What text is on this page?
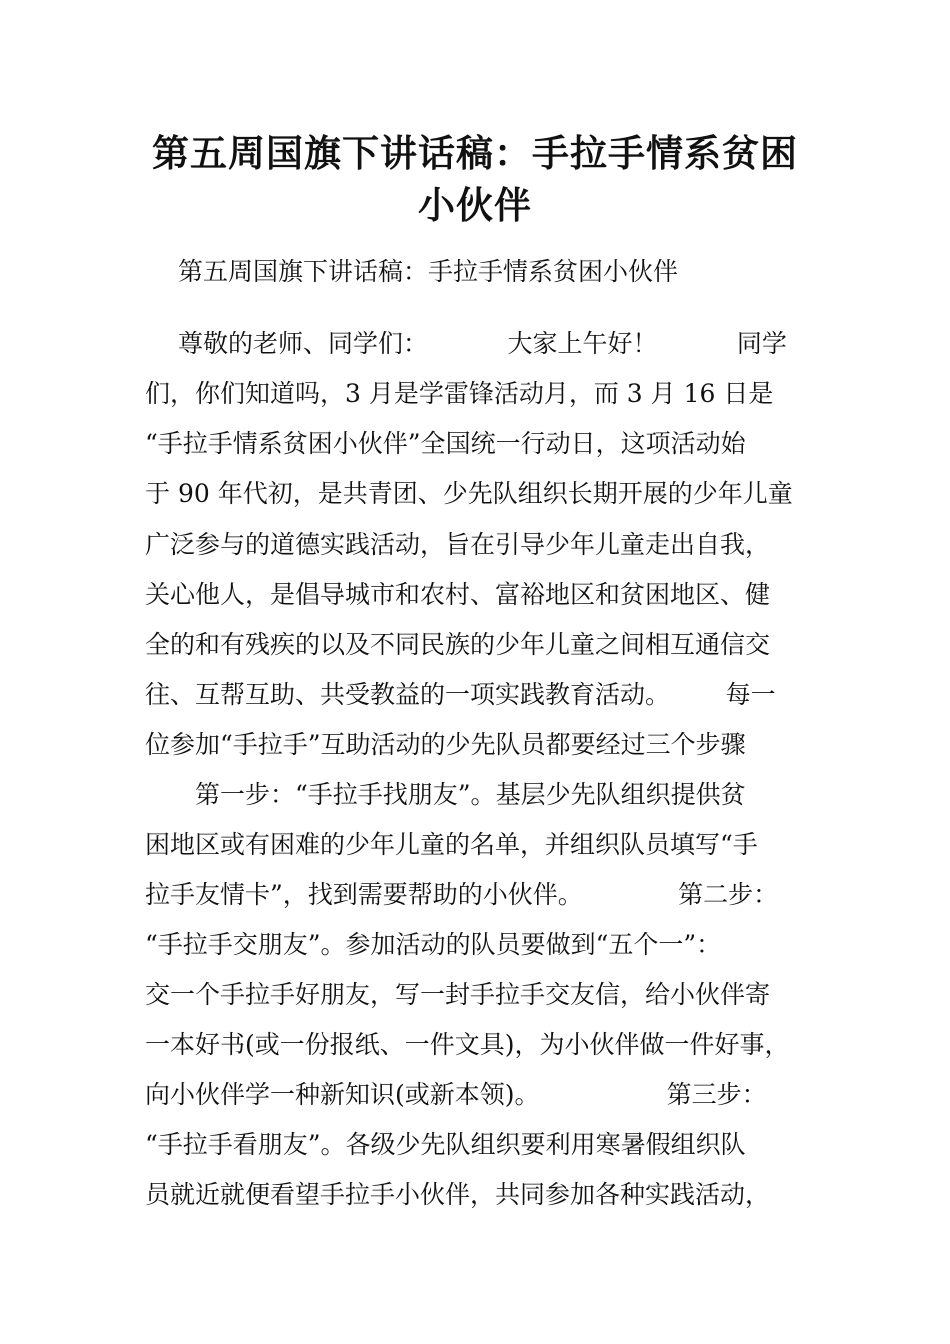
第五周国旗下讲话稿：手拉手情系贫困
小伙伴
第五周国旗下讲话稿：手拉手情系贫困小伙伴
尊敬的老师、同学们：          大家上午好！          同学
们，你们知道吗，3 月是学雷锋活动月，而 3 月 16 日是
“手拉手情系贫困小伙伴”全国统一行动日，这项活动始
于 90 年代初，是共青团、少先队组织长期开展的少年儿童
广泛参与的道德实践活动，旨在引导少年儿童走出自我，
关心他人，是倡导城市和农村、富裕地区和贫困地区、健
全的和有残疾的以及不同民族的少年儿童之间相互通信交
往、互帮互助、共受教益的一项实践教育活动。       每一
位参加“手拉手”互助活动的少先队员都要经过三个步骤
第一步：“手拉手找朋友”。基层少先队组织提供贫
困地区或有困难的少年儿童的名单，并组织队员填写“手
拉手友情卡”，找到需要帮助的小伙伴。            第二步：
“手拉手交朋友”。参加活动的队员要做到“五个一”：
交一个手拉手好朋友，写一封手拉手交友信，给小伙伴寄
一本好书(或一份报纸、一件文具)，为小伙伴做一件好事，
向小伙伴学一种新知识(或新本领)。                第三步：
“手拉手看朋友”。各级少先队组织要利用寒暑假组织队
员就近就便看望手拉手小伙伴，共同参加各种实践活动，
